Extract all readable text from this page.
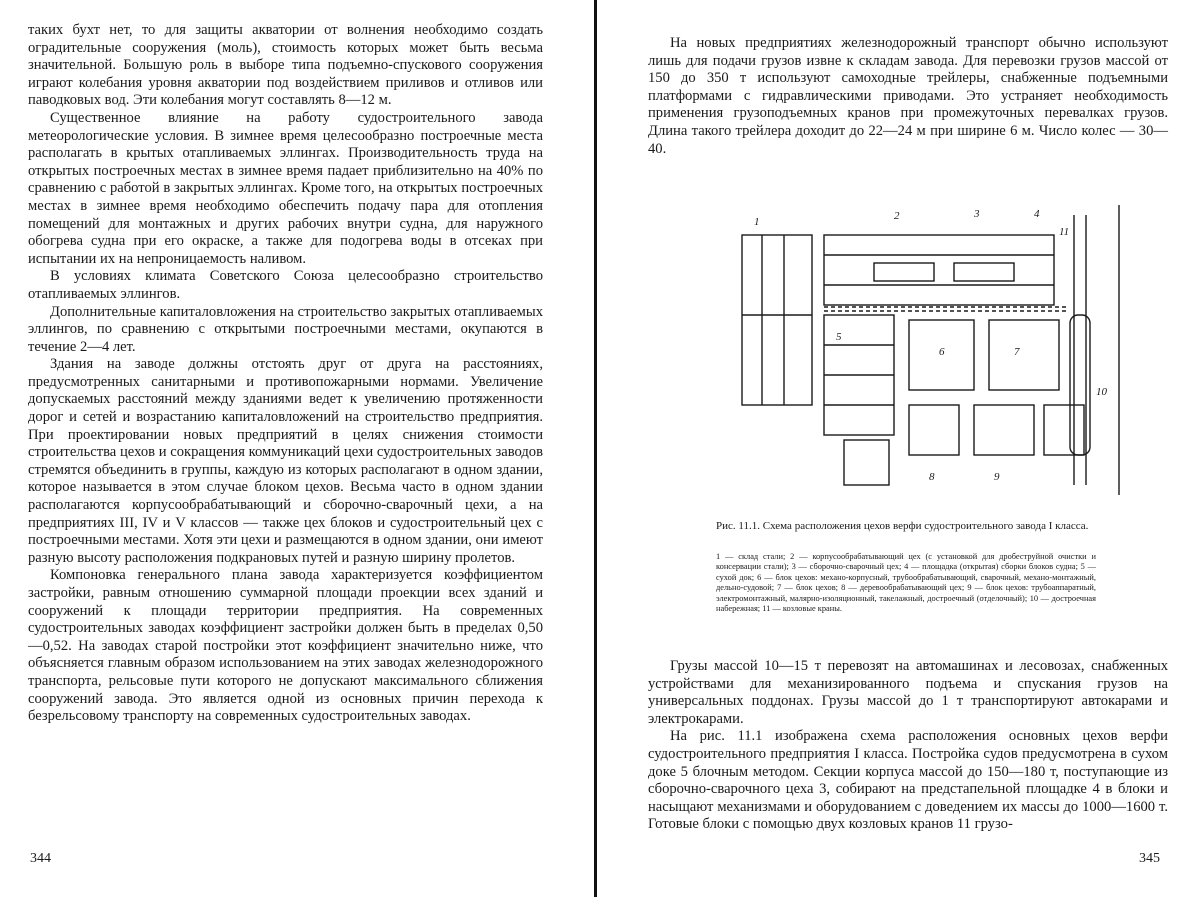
таких бухт нет, то для защиты акватории от волнения необходимо создать оградительные сооружения (моль), стоимость которых может быть весьма значительной. Большую роль в выборе типа подъемно-спускового сооружения играют колебания уровня акватории под воздействием приливов и отливов или паводковых вод. Эти колебания могут составлять 8—12 м.

Существенное влияние на работу судостроительного завода метеорологические условия. В зимнее время целесообразно построечные места располагать в крытых отапливаемых эллингах. Производительность труда на открытых построечных местах в зимнее время падает приблизительно на 40% по сравнению с работой в закрытых эллингах. Кроме того, на открытых построечных местах в зимнее время необходимо обеспечить подачу пара для отопления помещений для монтажных и других рабочих внутри судна, для наружного обогрева судна при его окраске, а также для подогрева воды в отсеках при испытании их на непроницаемость наливом.

В условиях климата Советского Союза целесообразно строительство отапливаемых эллингов.

Дополнительные капиталовложения на строительство закрытых отапливаемых эллингов, по сравнению с открытыми построечными местами, окупаются в течение 2—4 лет.

Здания на заводе должны отстоять друг от друга на расстояниях, предусмотренных санитарными и противопожарными нормами. Увеличение допускаемых расстояний между зданиями ведет к увеличению протяженности дорог и сетей и возрастанию капиталовложений на строительство предприятия. При проектировании новых предприятий в целях снижения стоимости строительства цехов и сокращения коммуникаций цехи судостроительных заводов стремятся объединить в группы, каждую из которых располагают в одном здании, которое называется в этом случае блоком цехов. Весьма часто в одном здании располагаются корпусообрабатывающий и сборочно-сварочный цехи, а на предприятиях III, IV и V классов — также цех блоков и судостроительный цех с построечными местами. Хотя эти цехи и размещаются в одном здании, они имеют разную высоту расположения подкрановых путей и разную ширину пролетов.

Компоновка генерального плана завода характеризуется коэффициентом застройки, равным отношению суммарной площади проекции всех зданий и сооружений к площади территории предприятия. На современных судостроительных заводах коэффициент застройки должен быть в пределах 0,50—0,52. На заводах старой постройки этот коэффициент значительно ниже, что объясняется главным образом использованием на этих заводах железнодорожного транспорта, рельсовые пути которого не допускают максимального сближения сооружений завода. Это является одной из основных причин перехода к безрельсовому транспорту на современных судостроительных заводах.

344

На новых предприятиях железнодорожный транспорт обычно используют лишь для подачи грузов извне к складам завода. Для перевозки грузов массой от 150 до 350 т используют самоходные трейлеры, снабженные подъемными платформами с гидравлическими приводами. Это устраняет необходимость применения грузоподъемных кранов при промежуточных перевалках грузов. Длина такого трейлера доходит до 22—24 м при ширине 6 м. Число колес — 30—40.

1	2	3	4
5
6	7
8	9
10
11

Рис. 11.1. Схема расположения цехов верфи судостроительного завода I класса.

1 — склад стали; 2 — корпусообрабатывающий цех (с установкой для дробеструйной очистки и консервации стали); 3 — сборочно-сварочный цех; 4 — площадка (открытая) сборки блоков судна; 5 — сухой док; 6 — блок цехов: механо-корпусный, трубообрабатывающий, сварочный, механо-монтажный, дельно-судовой; 7 — блок цехов; 8 — деревообрабатывающий цех; 9 — блок цехов: трубоаппаратный, электромонтажный, малярно-изоляционный, такелажный, достроечный (отделочный); 10 — достроечная набережная; 11 — козловые краны.

Грузы массой 10—15 т перевозят на автомашинах и лесовозах, снабженных устройствами для механизированного подъема и спускания грузов на универсальных поддонах. Грузы массой до 1 т транспортируют автокарами и электрокарами.

На рис. 11.1 изображена схема расположения основных цехов верфи судостроительного предприятия I класса. Постройка судов предусмотрена в сухом доке 5 блочным методом. Секции корпуса массой до 150—180 т, поступающие из сборочно-сварочного цеха 3, собирают на предстапельной площадке 4 в блоки и насыщают механизмами и оборудованием с доведением их массы до 1000—1600 т. Готовые блоки с помощью двух козловых кранов 11 грузо-

345
